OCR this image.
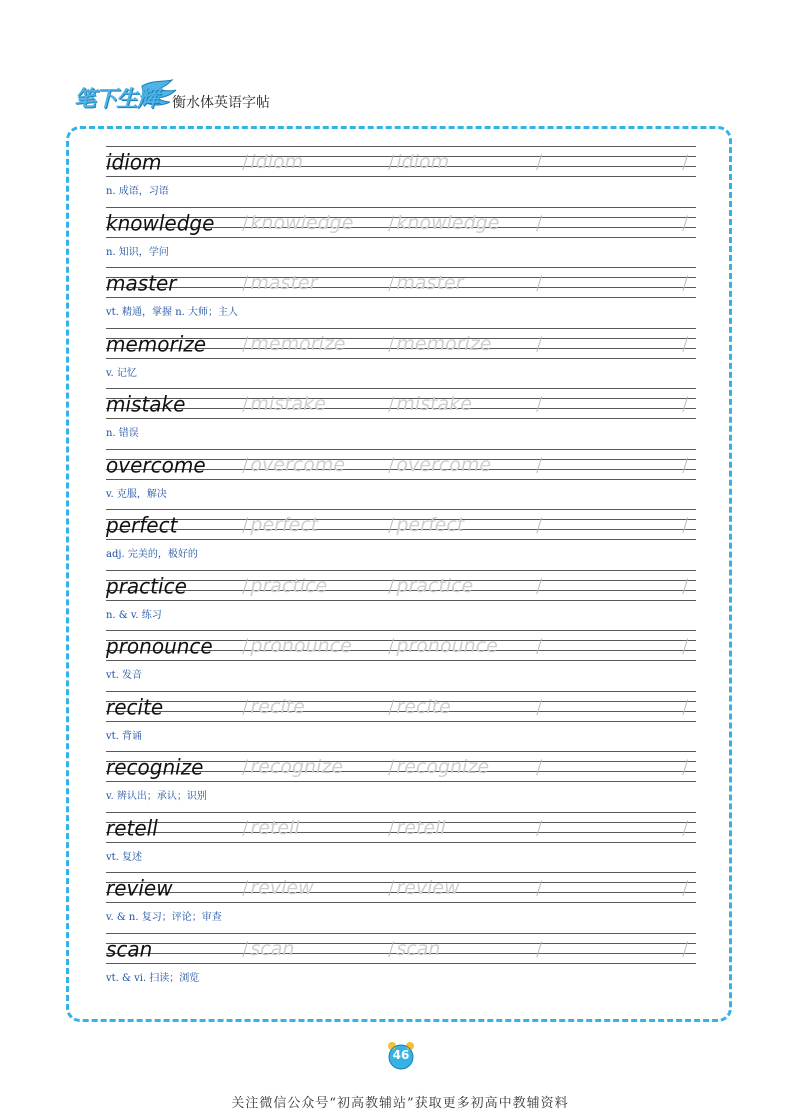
笔下生辉 衡水体英语字帖
idiom	/ idiom	/ idiom	/	/
n. 成语，习语
knowledge / knowledge / knowledge /	/
n. 知识，学问
master	/ master	/ master	/	/
vt. 精通，掌握 n. 大师；主人
memorize / memorize / memorize /	/
v. 记忆
mistake	/ mistake	/ mistake	/	/
n. 错误
overcome / overcome / overcome /	/
v. 克服，解决
perfect	/ perfect	/ perfect	/	/
adj. 完美的，极好的
practice	/ practice	/ practice	/	/
n. & v. 练习
pronounce / pronounce / pronounce /	/
vt. 发音
recite	/ recite	/ recite	/	/
vt. 背诵
recognize / recognize / recognize /	/
v. 辨认出；承认；识别
retell	/ retell	/ retell	/	/
vt. 复述
review	/ review	/ review	/	/
v. & n. 复习；评论；审查
scan	/ scan	/ scan	/	/
vt. & vi. 扫读；浏览
46
关注微信公众号“初高教辅站”获取更多初高中教辅资料
